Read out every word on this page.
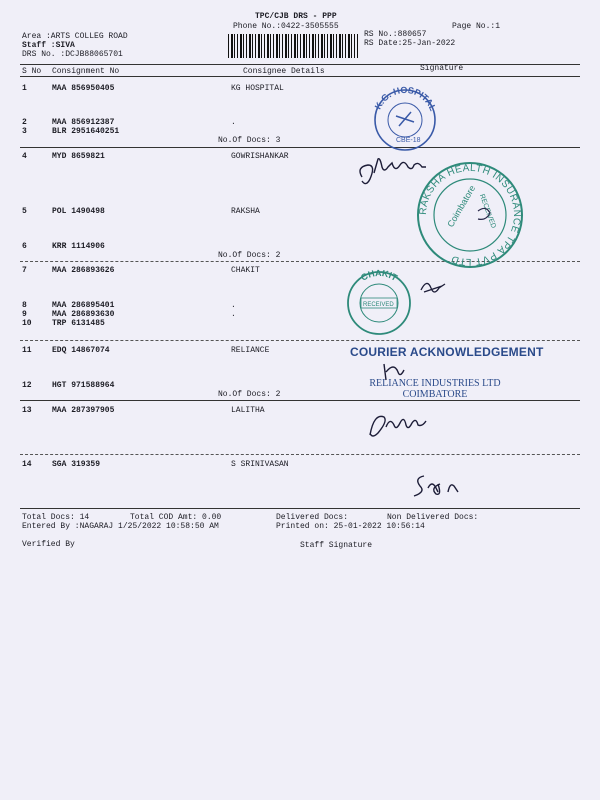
TPC/CJB DRS - PPP
Phone No.:0422-3505555	Page No.:1
Area :ARTS COLLEG ROAD
Staff :SIVA
DRS No. :DCJB88065701
RS No.:880657
RS Date:25-Jan-2022
S No Consignment No	Consignee Details	Signature
1	MAA 856950405	KG HOSPITAL
2	MAA 856912387	.
3	BLR 2951640251
4	MYD 8659821	GOWRISHANKAR
5	POL 1490498	RAKSHA
6	KRR 1114906
7	MAA 286893626	CHAKIT
8	MAA 286895401	.
9	MAA 286893630	.
10	TRP 6131485
11	EDQ 14867074	RELIANCE
12	HGT 971588964
13	MAA 287397905	LALITHA
14	SGA 319359	S SRINIVASAN
No.Of Docs: 3
No.Of Docs: 2
No.Of Docs: 2
K.G. HOSPITAL
CBE-18
RAKSHA HEALTH INSURANCE TPA PVT LTD
Coimbatore RECEIVED
CHAKIT
RECEIVED
COURIER ACKNOWLEDGEMENT
RELIANCE INDUSTRIES LTD
COIMBATORE
Total Docs: 14	Total COD Amt: 0.00	Delivered Docs:	Non Delivered Docs:
Entered By :NAGARAJ 1/25/2022 10:58:50 AM	Printed on: 25-01-2022 10:56:14
Verified By	Staff Signature
